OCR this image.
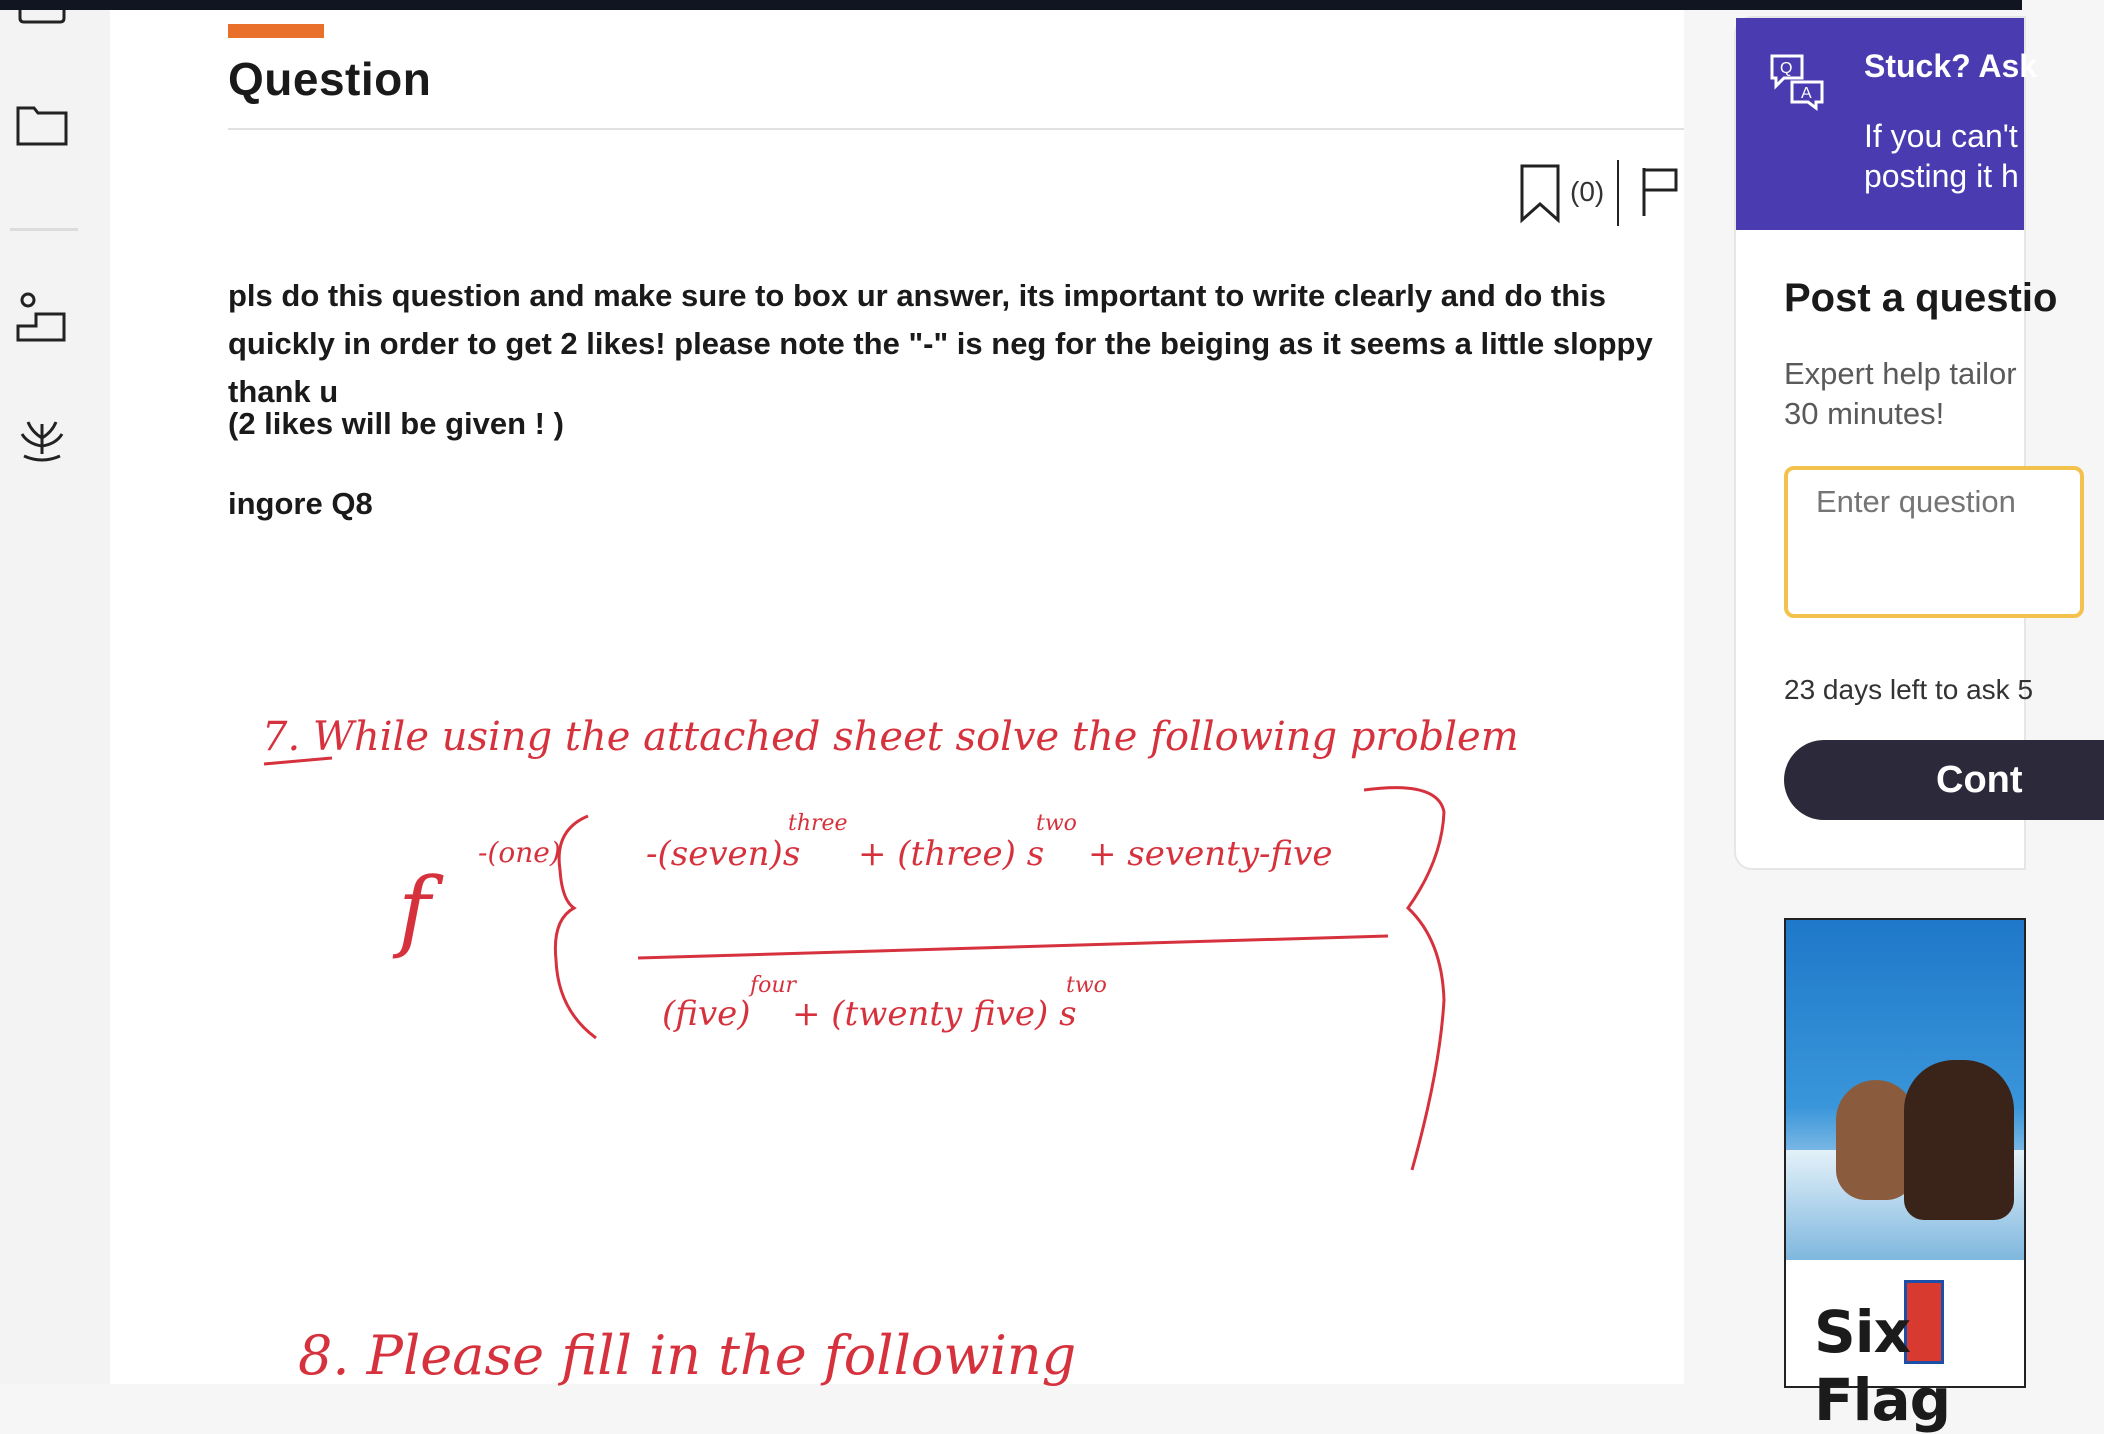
Question
(0)
pls do this question and make sure to box ur answer, its important to write clearly and do this quickly in order to get 2 likes! please note the "-" is neg for the beiging as it seems a little sloppy thank u
(2 likes will be given ! )
ingore Q8
7. While using the attached sheet solve the following problem
f
-(one)	-(seven)s
three
+ (three) s
two
+ seventy-five
(five)
four
+ (twenty five) s
two
8. Please fill in the following
Q
A
Stuck? Ask
If you can't
posting it h
Post a questio
Expert help tailor
30 minutes!
Enter question
23 days left to ask 5
Cont
Six Flag
